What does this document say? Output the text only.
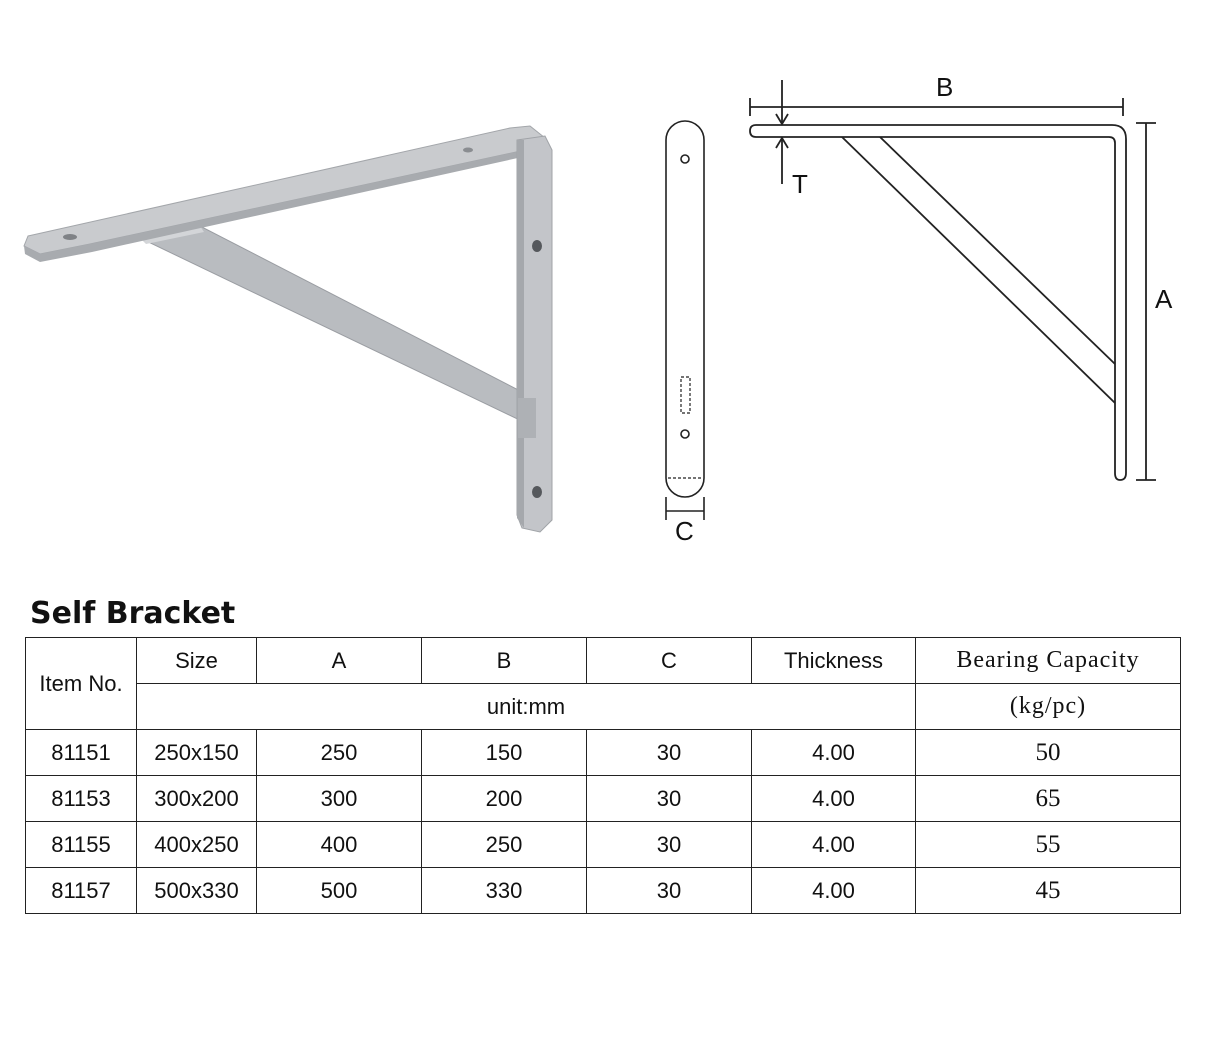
C
B
A
T
Self Bracket
Item No.	Size	A	B	C	Thickness	Bearing Capacity
	unit:mm					(kg/pc)
81151	250x150	250	150	30	4.00	50
81153	300x200	300	200	30	4.00	65
81155	400x250	400	250	30	4.00	55
81157	500x330	500	330	30	4.00	45
